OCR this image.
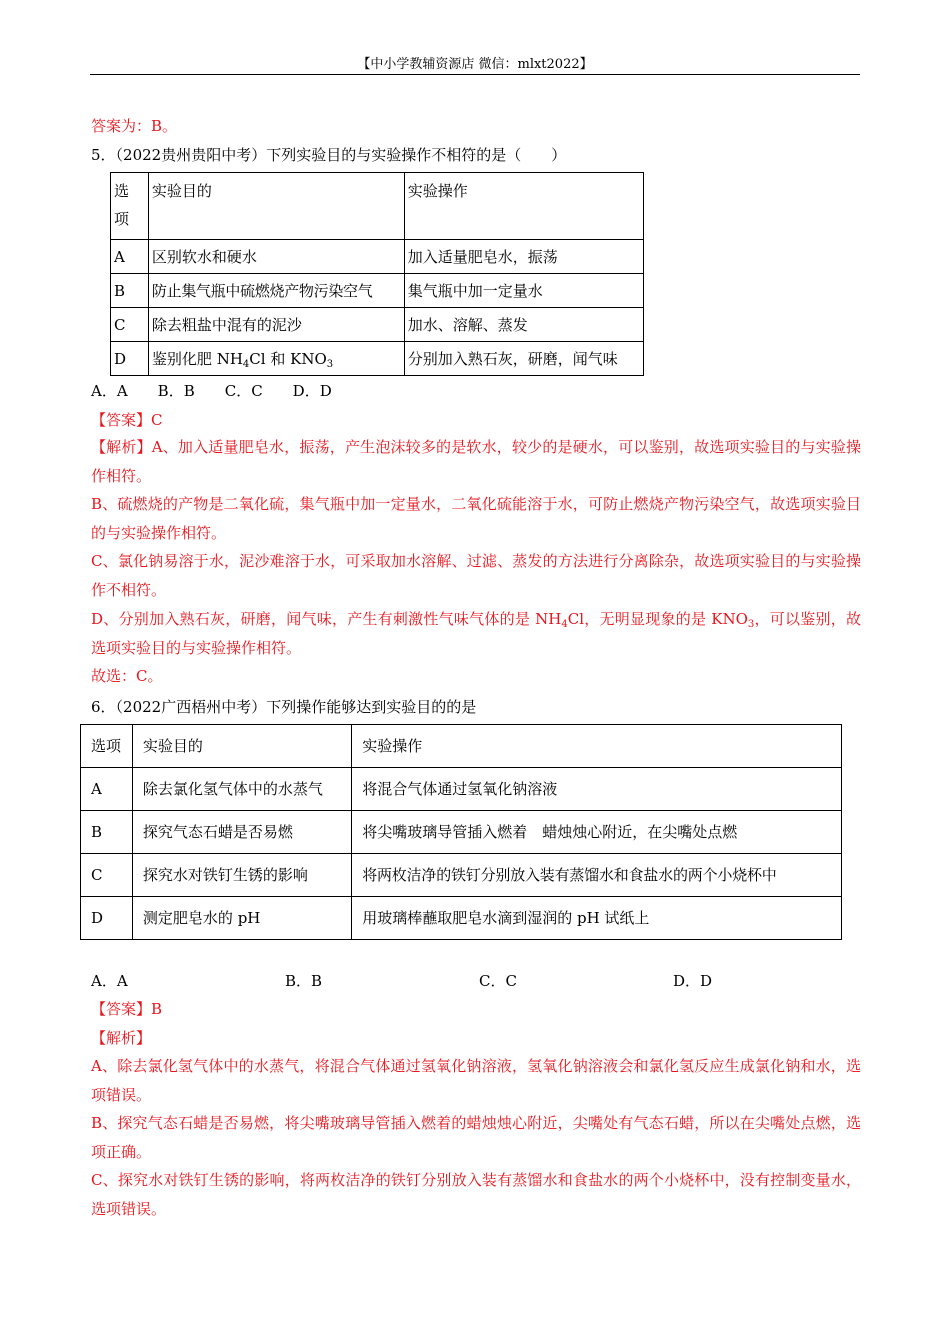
【中小学教辅资源店 微信：mlxt2022】
答案为：B。
5．（2022贵州贵阳中考）下列实验目的与实验操作不相符的是（　　）
选
项	实验目的	实验操作
A	区别软水和硬水	加入适量肥皂水，振荡
B	防止集气瓶中硫燃烧产物污染空气	集气瓶中加一定量水
C	除去粗盐中混有的泥沙	加水、溶解、蒸发
D	鉴别化肥 $NH_4Cl$ 和 $KNO_3$	分别加入熟石灰，研磨，闻气味
A．A　　B．B　　C．C　　D．D
【答案】C
【解析】A、加入适量肥皂水，振荡，产生泡沫较多的是软水，较少的是硬水，可以鉴别，故选项实验目的与实验操作相符。
B、硫燃烧的产物是二氧化硫，集气瓶中加一定量水，二氧化硫能溶于水，可防止燃烧产物污染空气，故选项实验目的与实验操作相符。
C、氯化钠易溶于水，泥沙难溶于水，可采取加水溶解、过滤、蒸发的方法进行分离除杂，故选项实验目的与实验操作不相符。
D、分别加入熟石灰，研磨，闻气味，产生有刺激性气味气体的是 $NH_4Cl$，无明显现象的是 $KNO_3$，可以鉴别，故选项实验目的与实验操作相符。
故选：C。
6．（2022广西梧州中考）下列操作能够达到实验目的的是
选项	实验目的	实验操作
A	除去氯化氢气体中的水蒸气	将混合气体通过氢氧化钠溶液
B	探究气态石蜡是否易燃	将尖嘴玻璃导管插入燃着　蜡烛烛心附近，在尖嘴处点燃
C	探究水对铁钉生锈的影响	将两枚洁净的铁钉分别放入装有蒸馏水和食盐水的两个小烧杯中
D	测定肥皂水的 pH	用玻璃棒蘸取肥皂水滴到湿润的 pH 试纸上
A．A	B．B	C．C	D．D
【答案】B
【解析】
A、除去氯化氢气体中的水蒸气，将混合气体通过氢氧化钠溶液，氢氧化钠溶液会和氯化氢反应生成氯化钠和水，选项错误。
B、探究气态石蜡是否易燃，将尖嘴玻璃导管插入燃着的蜡烛烛心附近，尖嘴处有气态石蜡，所以在尖嘴处点燃，选项正确。
C、探究水对铁钉生锈的影响，将两枚洁净的铁钉分别放入装有蒸馏水和食盐水的两个小烧杯中，没有控制变量水，选项错误。
